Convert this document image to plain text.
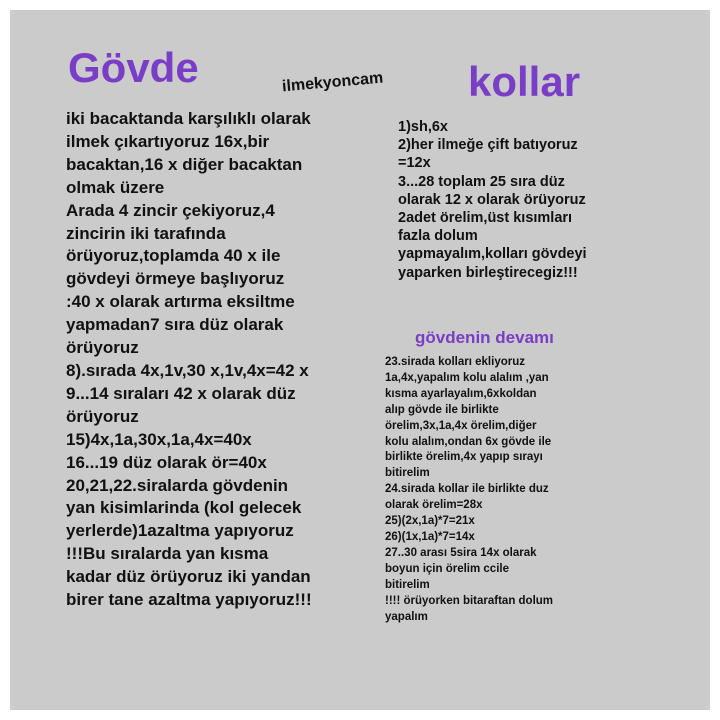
Gövde	ilmekyoncam kollar
iki bacaktanda karşılıklı olarak
ilmek çıkartıyoruz 16x,bir
bacaktan,16 x diğer bacaktan
olmak üzere
Arada 4 zincir çekiyoruz,4
zincirin iki tarafında
örüyoruz,toplamda 40 x ile
gövdeyi örmeye başlıyoruz
:40 x olarak artırma eksiltme
yapmadan7 sıra düz olarak
örüyoruz
8).sırada 4x,1v,30 x,1v,4x=42 x
9...14 sıraları 42 x olarak düz
örüyoruz
15)4x,1a,30x,1a,4x=40x
16...19 düz olarak ör=40x
20,21,22.siralarda gövdenin
yan kisimlarinda (kol gelecek
yerlerde)1azaltma yapıyoruz
!!!Bu sıralarda yan kısma
kadar düz örüyoruz iki yandan
birer tane azaltma yapıyoruz!!!
1)sh,6x
2)her ilmeğe çift batıyoruz
=12x
3...28 toplam 25 sıra düz
olarak 12 x olarak örüyoruz
2adet örelim,üst kısımları
fazla dolum
yapmayalım,kolları gövdeyi
yaparken birleştirecegiz!!!
gövdenin devamı
23.sirada kolları ekliyoruz
1a,4x,yapalım kolu alalım ,yan
kısma ayarlayalım,6xkoldan
alıp gövde ile birlikte
örelim,3x,1a,4x örelim,diğer
kolu alalım,ondan 6x gövde ile
birlikte örelim,4x yapıp sırayı
bitirelim
24.sirada kollar ile birlikte duz
olarak örelim=28x
25)(2x,1a)*7=21x
26)(1x,1a)*7=14x
27..30 arası 5sira 14x olarak
boyun için örelim ccile
bitirelim
!!!! örüyorken bitaraftan dolum
yapalım
